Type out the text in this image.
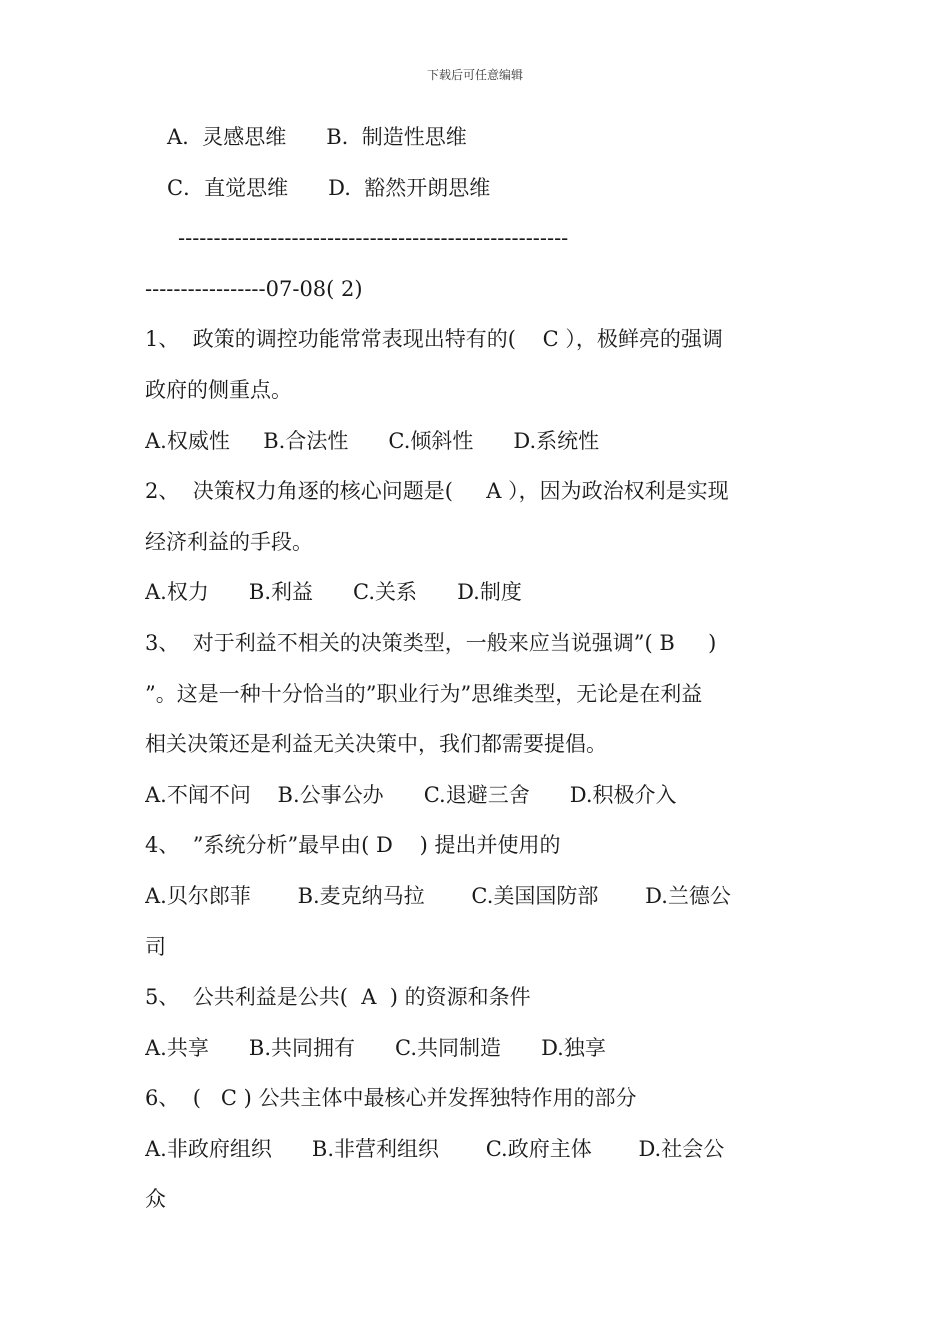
下载后可任意编辑
A.  灵感思维      B.  制造性思维
C．直觉思维      D.  豁然开朗思维
-------------------------------------------------------
-----------------07-08( 2)
1、  政策的调控功能常常表现出特有的(    C ），极鲜亮的强调
政府的侧重点。
A.权威性     B.合法性      C.倾斜性      D.系统性
2、  决策权力角逐的核心问题是(     A ），因为政治权利是实现
经济利益的手段。
A.权力      B.利益      C.关系      D.制度
3、  对于利益不相关的决策类型，一般来应当说强调”( B     )
”。这是一种十分恰当的”职业行为”思维类型，无论是在利益
相关决策还是利益无关决策中，我们都需要提倡。
A.不闻不问    B.公事公办      C.退避三舍      D.积极介入
4、  ”系统分析”最早由( D    ) 提出并使用的
A.贝尔郎菲       B.麦克纳马拉       C.美国国防部       D.兰德公
司
5、  公共利益是公共(  A  ) 的资源和条件
A.共享      B.共同拥有      C.共同制造      D.独享
6、  (   C ) 公共主体中最核心并发挥独特作用的部分
A.非政府组织      B.非营利组织       C.政府主体       D.社会公
众
